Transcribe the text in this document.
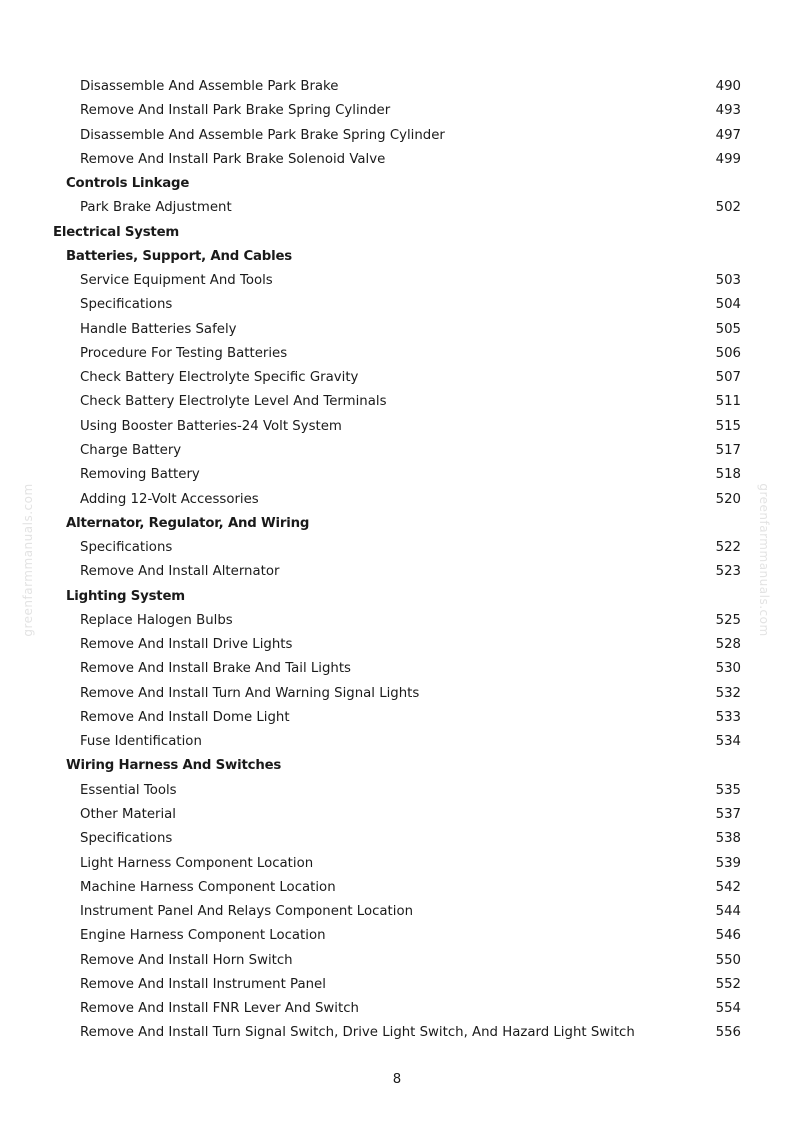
greenfarmmanuals.com	greenfarmmanuals.com
Disassemble And Assemble Park Brake	490
Remove And Install Park Brake Spring Cylinder	493
Disassemble And Assemble Park Brake Spring Cylinder	497
Remove And Install Park Brake Solenoid Valve	499
Controls Linkage
Park Brake Adjustment	502
Electrical System
Batteries, Support, And Cables
Service Equipment And Tools	503
Specifications	504
Handle Batteries Safely	505
Procedure For Testing Batteries	506
Check Battery Electrolyte Specific Gravity	507
Check Battery Electrolyte Level And Terminals	511
Using Booster Batteries-24 Volt System	515
Charge Battery	517
Removing Battery	518
Adding 12-Volt Accessories	520
Alternator, Regulator, And Wiring
Specifications	522
Remove And Install Alternator	523
Lighting System
Replace Halogen Bulbs	525
Remove And Install Drive Lights	528
Remove And Install Brake And Tail Lights	530
Remove And Install Turn And Warning Signal Lights	532
Remove And Install Dome Light	533
Fuse Identification	534
Wiring Harness And Switches
Essential Tools	535
Other Material	537
Specifications	538
Light Harness Component Location	539
Machine Harness Component Location	542
Instrument Panel And Relays Component Location	544
Engine Harness Component Location	546
Remove And Install Horn Switch	550
Remove And Install Instrument Panel	552
Remove And Install FNR Lever And Switch	554
Remove And Install Turn Signal Switch, Drive Light Switch, And Hazard Light Switch	556
8
